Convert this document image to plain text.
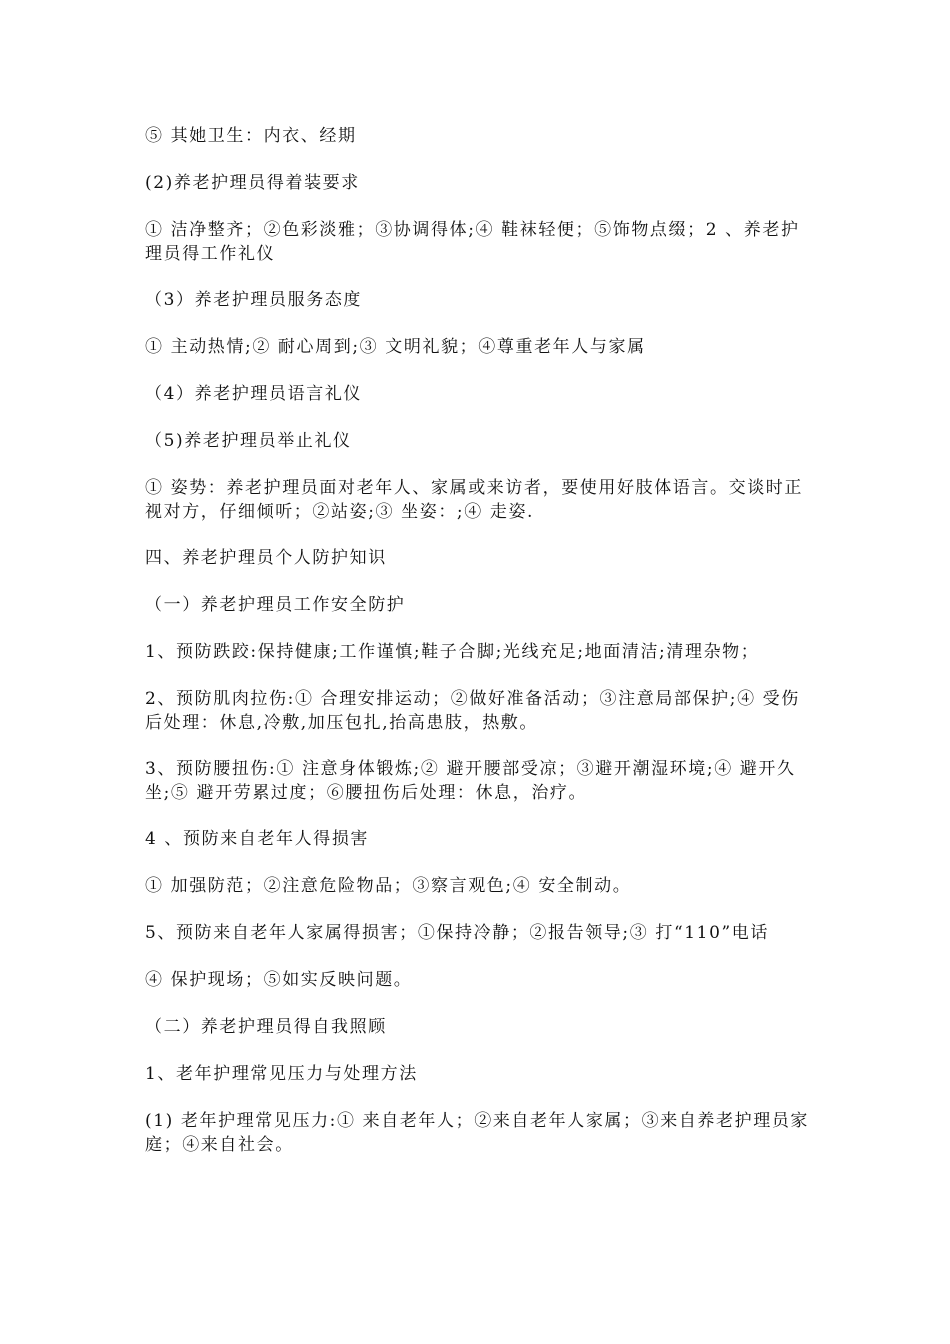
⑤ 其她卫生：内衣、经期

(2)养老护理员得着装要求

① 洁净整齐；②色彩淡雅；③协调得体;④ 鞋袜轻便；⑤饰物点缀；2 、养老护理员得工作礼仪

（3）养老护理员服务态度

① 主动热情;② 耐心周到;③ 文明礼貌；④尊重老年人与家属

（4）养老护理员语言礼仪

（5)养老护理员举止礼仪

① 姿势：养老护理员面对老年人、家属或来访者，要使用好肢体语言。交谈时正视对方，仔细倾听；②站姿;③ 坐姿：;④ 走姿.

四、养老护理员个人防护知识

（一）养老护理员工作安全防护

1、预防跌跤:保持健康;工作谨慎;鞋子合脚;光线充足;地面清洁;清理杂物；

2、预防肌肉拉伤:① 合理安排运动；②做好准备活动；③注意局部保护;④ 受伤后处理：休息,冷敷,加压包扎,抬高患肢，热敷。

3、预防腰扭伤:① 注意身体锻炼;② 避开腰部受凉；③避开潮湿环境;④ 避开久坐;⑤ 避开劳累过度；⑥腰扭伤后处理：休息，治疗。

4 、预防来自老年人得损害

① 加强防范；②注意危险物品；③察言观色;④ 安全制动。

5、预防来自老年人家属得损害；①保持冷静；②报告领导;③ 打“110”电话

④ 保护现场；⑤如实反映问题。

（二）养老护理员得自我照顾

1、老年护理常见压力与处理方法

(1) 老年护理常见压力:① 来自老年人；②来自老年人家属；③来自养老护理员家庭；④来自社会。
